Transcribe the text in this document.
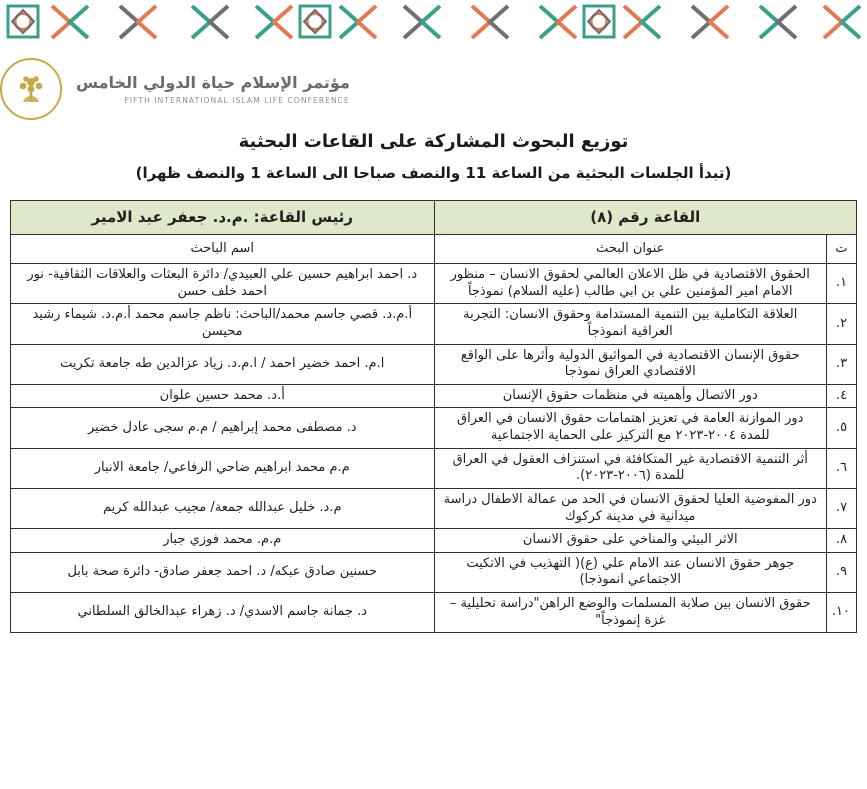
مؤتمر الإسلام حياة الدولي الخامس
FIFTH INTERNATIONAL ISLAM LIFE CONFERENCE
توزيع البحوث المشاركة على القاعات البحثية
(تبدأ الجلسات البحثية من الساعة 11 والنصف صباحا الى الساعة 1 والنصف ظهرا)
القاعة رقم (٨)		رئيس القاعة: .م.د. جعفر عبد الامير
ت	عنوان البحث	اسم الباحث
١.	الحقوق الاقتصادية في ظل الاعلان العالمي لحقوق الانسان – منظور الامام امير المؤمنين علي بن ابي طالب (عليه السلام) نموذجاً	د. احمد ابراهيم حسين علي العبيدي/ دائرة البعثات والعلاقات الثقافية- نور احمد خلف حسن
٢.	العلاقة التكاملية بين التنمية المستدامة وحقوق الانسان: التجربة العراقية انموذجاً	أ.م.د. قصي جاسم محمد/الباحث: ناظم جاسم محمد أ.م.د. شيماء رشيد محيسن
٣.	حقوق الإنسان الاقتصادية في المواثيق الدولية وأثرها على الواقع الاقتصادي العراق نموذجا	ا.م. احمد خضير احمد / ا.م.د. زياد عزالدين طه جامعة تكريت
٤.	دور الاتصال وأهميته في منظمات حقوق الإنسان	أ.د. محمد حسين علوان
٥.	دور الموازنة العامة في تعزيز اهتمامات حقوق الانسان في العراق للمدة ٢٠٠٤-٢٠٢٣ مع التركيز على الحماية الاجتماعية	د. مصطفى محمد إبراهيم / م.م سجى عادل خضير
٦.	أثر التنمية الاقتصادية غير المتكافئة في استنزاف العقول في العراق للمدة (٢٠٠٦-٢٠٢٣).	م.م محمد ابراهيم ضاحي الرفاعي/ جامعة الانبار
٧.	دور المفوضية العليا لحقوق الانسان في الحد من عمالة الاطفال دراسة ميدانية في مدينة كركوك	م.د. خليل عبدالله جمعة/ مجيب عبدالله كريم
٨.	الاثر البيئي والمناخي على حقوق الانسان	م.م. محمد فوزي جبار
٩.	جوهر حقوق الانسان عند الامام علي (ع)( التهذيب في الاتكيت الاجتماعي انموذجا)	حسنين صادق عبكه/ د. احمد جعفر صادق- دائرة صحة بابل
١٠.	حقوق الانسان بين صلابة المسلمات والوضع الراهن"دراسة تحليلية – غزة إنموذجاً"	د. جمانة جاسم الاسدي/ د. زهراء عبدالخالق السلطاني
